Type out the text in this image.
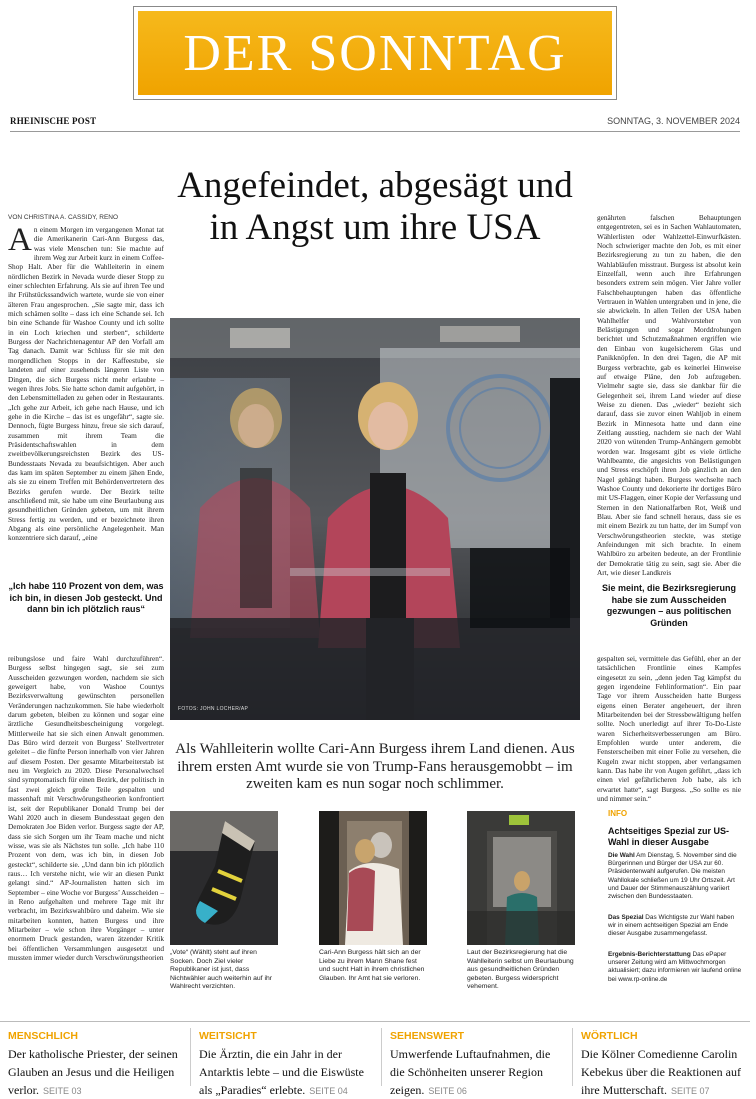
DER SONNTAG
RHEINISCHE POST	SONNTAG, 3. NOVEMBER 2024
Angefeindet, abgesägt und in Angst um ihre USA
VON CHRISTINA A. CASSIDY, RENO
An einem Morgen im vergangenen Monat tat die Amerikanerin Cari-Ann Burgess das, was viele Menschen tun: Sie machte auf ihrem Weg zur Arbeit kurz in einem Coffee-Shop Halt. Aber für die Wahlleiterin in einem nördlichen Bezirk in Nevada wurde dieser Stopp zu einer schlechten Erfahrung. Als sie auf ihren Tee und ihr Frühstückssandwich wartete, wurde sie von einer älteren Frau angesprochen. „Sie sagte mir, dass ich mich schämen sollte – dass ich eine Schande sei. Ich bin eine Schande für Washoe County und ich sollte in ein Loch kriechen und sterben“, schilderte Burgess der Nachrichtenagentur AP den Vorfall am Tag danach. Damit war Schluss für sie mit den morgendlichen Stopps in der Kaffeestube, sie landeten auf einer zusehends längeren Liste von Dingen, die sich Burgess nicht mehr erlaubte – wegen ihres Jobs. Sie hatte schon damit aufgehört, in den Lebensmittelladen zu gehen oder in Restaurants. „Ich gehe zur Arbeit, ich gehe nach Hause, und ich gehe in die Kirche – das ist es ungefähr“, sagte sie. Dennoch, fügte Burgess hinzu, freue sie sich darauf, zusammen mit ihrem Team die Präsidentschaftswahlen in dem zweitbevölkerungsreichsten Bezirk des US-Bundesstaats Nevada zu beaufsichtigen. Aber auch das kam im späten September zu einem jähen Ende, als sie zu einem Treffen mit Behördenvertretern des Bezirks gerufen wurde. Der Bezirk teilte anschließend mit, sie habe um eine Beurlaubung aus gesundheitlichen Gründen gebeten, um mit ihrem Stress fertig zu werden, und er bezeichnete ihren Abgang als eine persönliche Angelegenheit. Man konzentriere sich darauf, „eine
„Ich habe 110 Prozent von dem, was ich bin, in diesen Job gesteckt. Und dann bin ich plötzlich raus“
reibungslose und faire Wahl durchzuführen“. Burgess selbst hingegen sagt, sie sei zum Ausscheiden gezwungen worden, nachdem sie sich geweigert habe, von Washoe Countys Bezirksverwaltung gewünschten personellen Veränderungen nachzukommen. Sie habe wiederholt darum gebeten, bleiben zu können und sogar eine ärztliche Gesundheitsbescheinigung vorgelegt. Mittlerweile hat sie sich einen Anwalt genommen. Das Büro wird derzeit von Burgess’ Stellvertreter geleitet – die fünfte Person innerhalb von vier Jahren auf diesem Posten. Der gesamte Mitarbeiterstab ist neu im Vergleich zu 2020. Diese Personalwechsel sind symptomatisch für einen Bezirk, der politisch in fast zwei gleich große Teile gespalten und massenhaft mit Verschwörungstheorien konfrontiert ist, seit der Republikaner Donald Trump bei der Wahl 2020 auch in diesem Bundesstaat gegen den Demokraten Joe Biden verlor. Burgess sagte der AP, dass sie sich Sorgen um ihr Team mache und nicht wisse, was sie als Nächstes tun solle. „Ich habe 110 Prozent von dem, was ich bin, in diesen Job gesteckt“, schilderte sie. „Und dann bin ich plötzlich raus… Ich verstehe nicht, wie wir an diesen Punkt gelangt sind.“ AP-Journalisten hatten sich im September – eine Woche vor Burgess’ Ausscheiden – in Reno aufgehalten und mehrere Tage mit ihr verbracht, im Bezirkswahlbüro und daheim. Wie sie mitarbeiten konnten, hatten Burgess und ihre Mitarbeiter – wie schon ihre Vorgänger – unter enormem Druck gestanden, waren ätzender Kritik bei öffentlichen Versammlungen ausgesetzt und mussten immer wieder durch Verschwörungstheorien
genährten falschen Behauptungen entgegentreten, sei es in Sachen Wahlautomaten, Wählerlisten oder Wahlzettel-Einwurfkästen. Noch schwieriger machte den Job, es mit einer Bezirksregierung zu tun zu haben, die den Wahlabläufen misstraut. Burgess ist absolut kein Einzelfall, wenn auch ihre Erfahrungen besonders extrem sein mögen. Vier Jahre voller Falschbehauptungen haben das öffentliche Vertrauen in Wahlen untergraben und in jene, die sie abwickeln. In allen Teilen der USA haben Wahlhelfer und Wahlvorsteher von Belästigungen und sogar Morddrohungen berichtet und Schutzmaßnahmen ergriffen wie den Einbau von kugelsicherem Glas und Panikknöpfen. In den drei Tagen, die AP mit Burgess verbrachte, gab es keinerlei Hinweise auf etwaige Pläne, den Job aufzugeben. Vielmehr sagte sie, dass sie dankbar für die Gelegenheit sei, ihrem Land wieder auf diese Weise zu dienen. Das „wieder“ bezieht sich darauf, dass sie zuvor einen Wahljob in einem Bezirk in Minnesota hatte und dann eine Zeitlang ausstieg, nachdem sie nach der Wahl 2020 von wütenden Trump-Anhängern gemobbt worden war. Insgesamt gibt es viele örtliche Wahlbeamte, die angesichts von Belästigungen und Stress erschöpft ihren Job gänzlich an den Nagel gehängt haben. Burgess wechselte nach Washoe County und dekorierte ihr dortiges Büro mit US-Flaggen, einer Kopie der Verfassung und Sternen in den Nationalfarben Rot, Weiß und Blau. Aber sie fand schnell heraus, dass sie es mit einem Bezirk zu tun hatte, der im Sumpf von Verschwörungstheorien steckte, was stetige Anfeindungen mit sich brachte. In einem Wahlbüro zu arbeiten bedeute, an der Frontlinie der Demokratie tätig zu sein, sagt sie. Aber die Art, wie dieser Landkreis
Sie meint, die Bezirksregierung habe sie zum Ausscheiden gezwungen – aus politischen Gründen
gespalten sei, vermittele das Gefühl, eher an der tatsächlichen Frontlinie eines Kampfes eingesetzt zu sein, „denn jeden Tag kämpfst du gegen irgendeine Fehlinformation“. Ein paar Tage vor ihrem Ausscheiden hatte Burgess eigens einen Berater angeheuert, der ihren Mitarbeitenden bei der Stressbewältigung helfen sollte. Noch unerledigt auf ihrer To-Do-Liste waren Sicherheitsverbesserungen am Büro. Empfohlen wurde unter anderem, die Fensterscheiben mit einer Folie zu versehen, die Kugeln zwar nicht stoppen, aber verlangsamen kann. Das habe ihr von Augen geführt, „dass ich einen viel gefährlicheren Job habe, als ich erwartet hatte“, sagt Burgess. „So sollte es nie und nimmer sein.“
FOTOS: JOHN LOCHER/AP
Als Wahlleiterin wollte Cari-Ann Burgess ihrem Land dienen. Aus ihrem ersten Amt wurde sie von Trump-Fans herausgemobbt – im zweiten kam es nun sogar noch schlimmer.
„Vote“ (Wählt) steht auf ihren Socken. Doch Ziel vieler Republikaner ist just, dass Nichtwähler auch weiterhin auf ihr Wahlrecht verzichten.
Cari-Ann Burgess hält sich an der Liebe zu ihrem Mann Shane fest und sucht Halt in ihrem christlichen Glauben. Ihr Amt hat sie verloren.
Laut der Bezirksregierung hat die Wahlleiterin selbst um Beurlaubung aus gesundheitlichen Gründen gebeten. Burgess widerspricht vehement.
INFO
Achtseitiges Spezial zur US-Wahl in dieser Ausgabe
Die Wahl Am Dienstag, 5. November sind die Bürgerinnen und Bürger der USA zur 60. Präsidentenwahl aufgerufen. Die meisten Wahllokale schließen um 19 Uhr Ortszeit. Art und Dauer der Stimmenauszählung variiert zwischen den Bundesstaaten.
Das Spezial Das Wichtigste zur Wahl haben wir in einem achtseitigen Spezial am Ende dieser Ausgabe zusammengefasst.
Ergebnis-Berichterstattung Das ePaper unserer Zeitung wird am Mittwochmorgen aktualisiert; dazu informieren wir laufend online bei www.rp-online.de
MENSCHLICH
Der katholische Priester, der seinen Glauben an Jesus und die Heiligen verlor. SEITE 03
WEITSICHT
Die Ärztin, die ein Jahr in der Antarktis lebte – und die Eiswüste als „Paradies“ erlebte. SEITE 04
SEHENSWERT
Umwerfende Luftaufnahmen, die die Schönheiten unserer Region zeigen. SEITE 06
WÖRTLICH
Die Kölner Comedienne Carolin Kebekus über die Reaktionen auf ihre Mutterschaft. SEITE 07
